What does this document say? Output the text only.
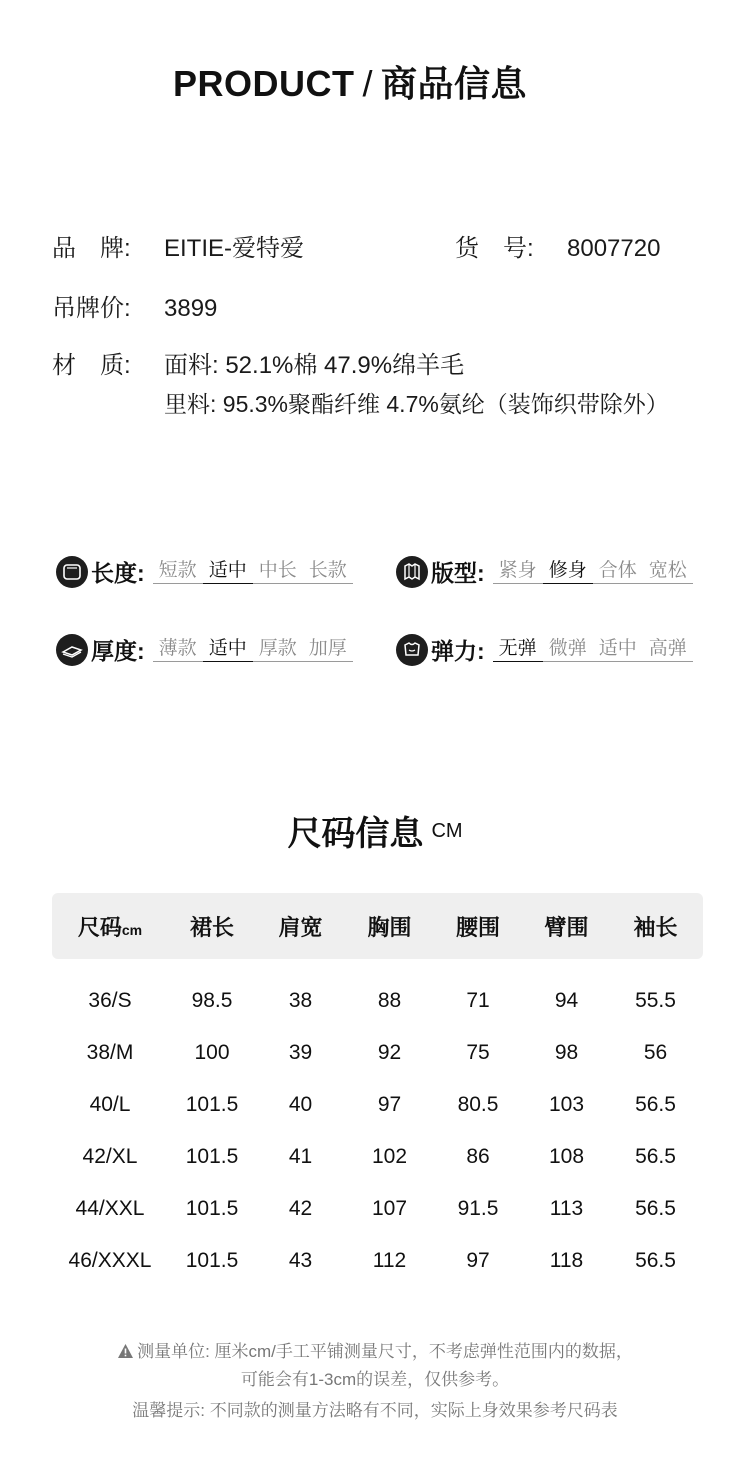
PRODUCT / 商品信息
品　牌: EITIE-爱特爱	货　号: 8007720
吊牌价: 3899
材　质: 面料: 52.1%棉 47.9%绵羊毛
里料: 95.3%聚酯纤维 4.7%氨纶（装饰织带除外）
长度: 短款 适中 中长 长款	版型: 紧身 修身 合体 宽松
厚度: 薄款 适中 厚款 加厚	弹力: 无弹 微弹 适中 高弹
尺码信息 $^{CM}$
尺码cm	裙长	肩宽	胸围	腰围	臂围	袖长
36/S	98.5	38	88	71	94	55.5
38/M	100	39	92	75	98	56
40/L	101.5	40	97	80.5	103	56.5
42/XL	101.5	41	102	86	108	56.5
44/XXL	101.5	42	107	91.5	113	56.5
46/XXXL	101.5	43	112	97	118	56.5
测量单位: 厘米cm/手工平铺测量尺寸，不考虑弹性范围内的数据，
可能会有1-3cm的误差，仅供参考。
温馨提示: 不同款的测量方法略有不同，实际上身效果参考尺码表
